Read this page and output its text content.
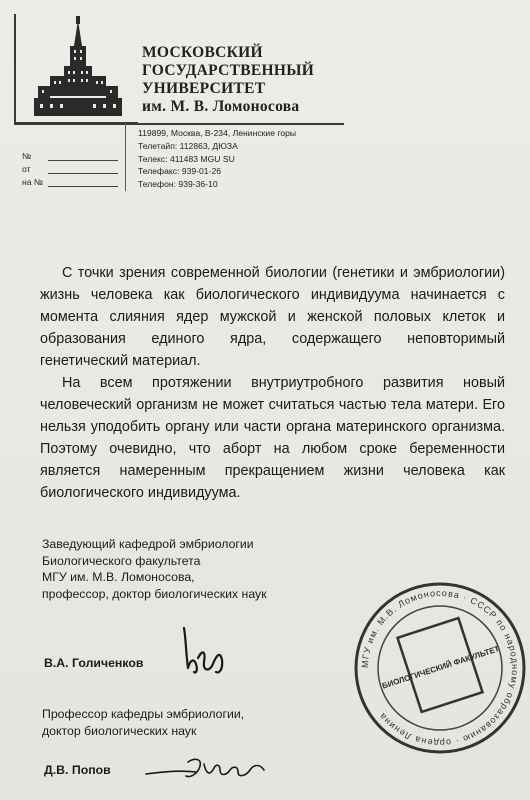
МОСКОВСКИЙ
ГОСУДАРСТВЕННЫЙ
УНИВЕРСИТЕТ
им. М. В. Ломоносова
119899, Москва, В-234, Ленинские горы
Телетайп: 112863, ДЮЗА
Телекс: 411483 MGU SU
Телефакс: 939-01-26
Телефон: 939-36-10
№
от
на №

С точки зрения современной биологии (генетики и эмбриологии) жизнь человека как биологического индивидуума начинается с момента слияния ядер мужской и женской половых клеток и образования единого ядра, содержащего неповторимый генетический материал.

На всем протяжении внутриутробного развития новый человеческий организм не может считаться частью тела матери. Его нельзя уподобить органу или части органа материнского организма. Поэтому очевидно, что аборт на любом сроке беременности является намеренным прекращением жизни человека как биологического индивидуума.

Заведующий кафедрой эмбриологии
Биологического факультета
МГУ им. М.В. Ломоносова,
профессор, доктор биологических наук
В.А. Голиченков
Профессор кафедры эмбриологии,
доктор биологических наук
Д.В. Попов
МГУ им. М.В. Ломоносова · СССР по народному образованию · ордена Ленина
БИОЛОГИЧЕСКИЙ ФАКУЛЬТЕТ
